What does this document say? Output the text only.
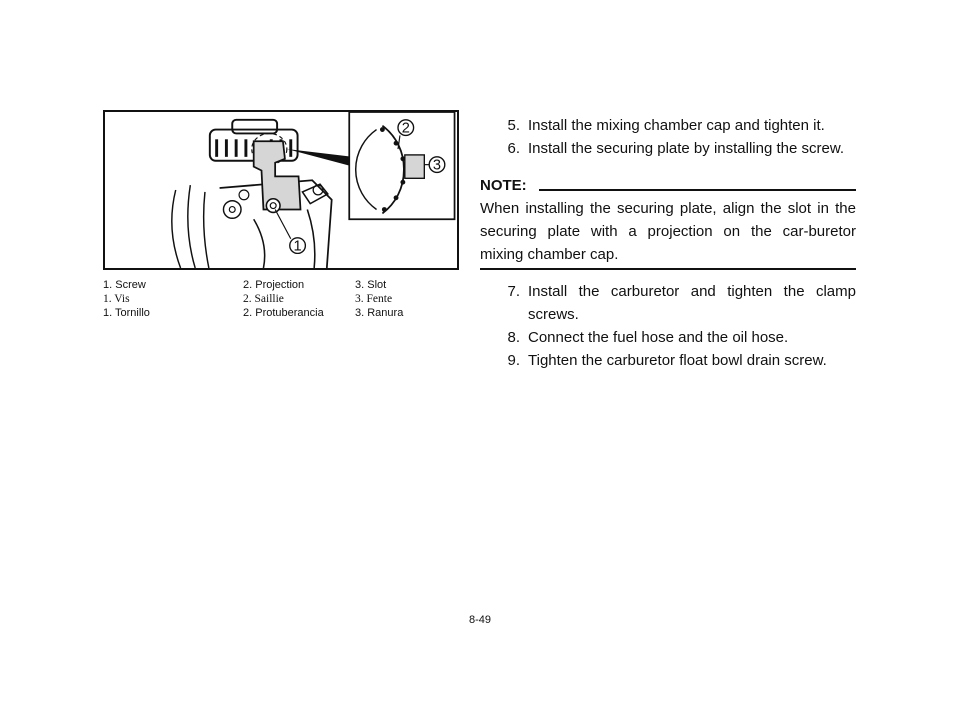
1
2
3
1. Screw	2. Projection	3. Slot
1. Vis	2. Saillie	3. Fente
1. Tornillo	2. Protuberancia	3. Ranura
5. Install the mixing chamber cap and tighten it.
6. Install the securing plate by installing the screw.
NOTE:
When installing the securing plate, align the slot in the securing plate with a projection on the car-buretor mixing chamber cap.
7. Install the carburetor and tighten the clamp screws.
8. Connect the fuel hose and the oil hose.
9. Tighten the carburetor float bowl drain screw.
8-49
